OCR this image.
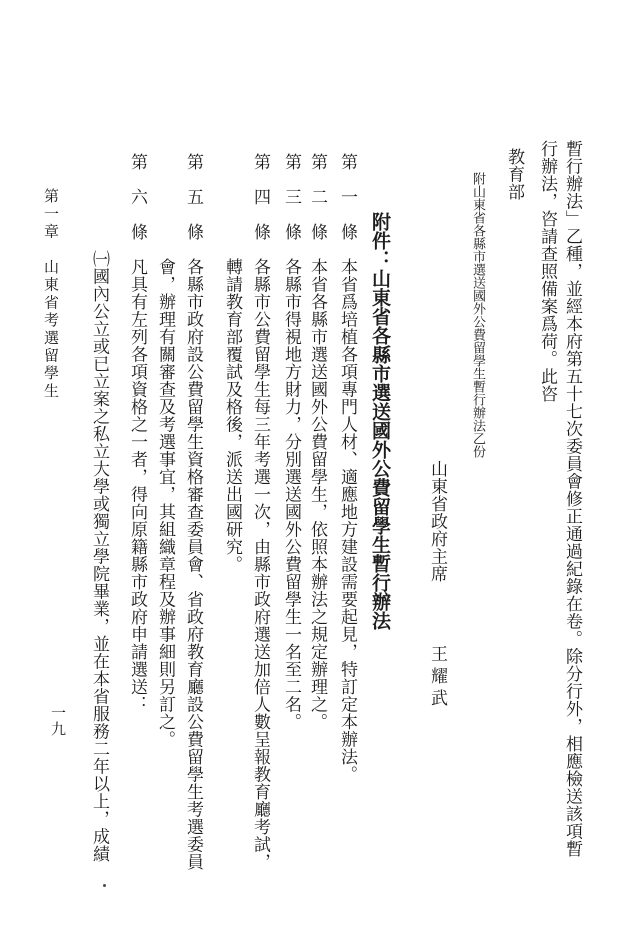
暫行辦法」乙種，並經本府第五十七次委員會修正通過紀錄在卷。除分行外，相應檢送該項暫
行辦法，咨請查照備案爲荷。此咨
教育部
附山東省各縣市選送國外公費留學生暫行辦法乙份
山東省政府主席
王耀武
附件：山東省各縣市選送國外公費留學生暫行辦法
第　一　條　本省爲培植各項專門人材、適應地方建設需要起見，特訂定本辦法。
第　二　條　本省各縣市選送國外公費留學生，依照本辦法之規定辦理之。
第　三　條　各縣市得視地方財力，分別選送國外公費留學生一名至二名。
第　四　條　各縣市公費留學生每三年考選一次，由縣市政府選送加倍人數呈報教育廳考試，
轉請教育部覆試及格後，派送出國研究。
第　五　條　各縣市政府設公費留學生資格審查委員會、省政府教育廳設公費留學生考選委員
會，辦理有關審查及考選事宜，其組織章程及辦事細則另訂之。
第　六　條　凡具有左列各項資格之一者，得向原籍縣市政府申請選送：
㈠國內公立或已立案之私立大學或獨立學院畢業，並在本省服務二年以上，成績
第一章　山東省考選留學生
一九
